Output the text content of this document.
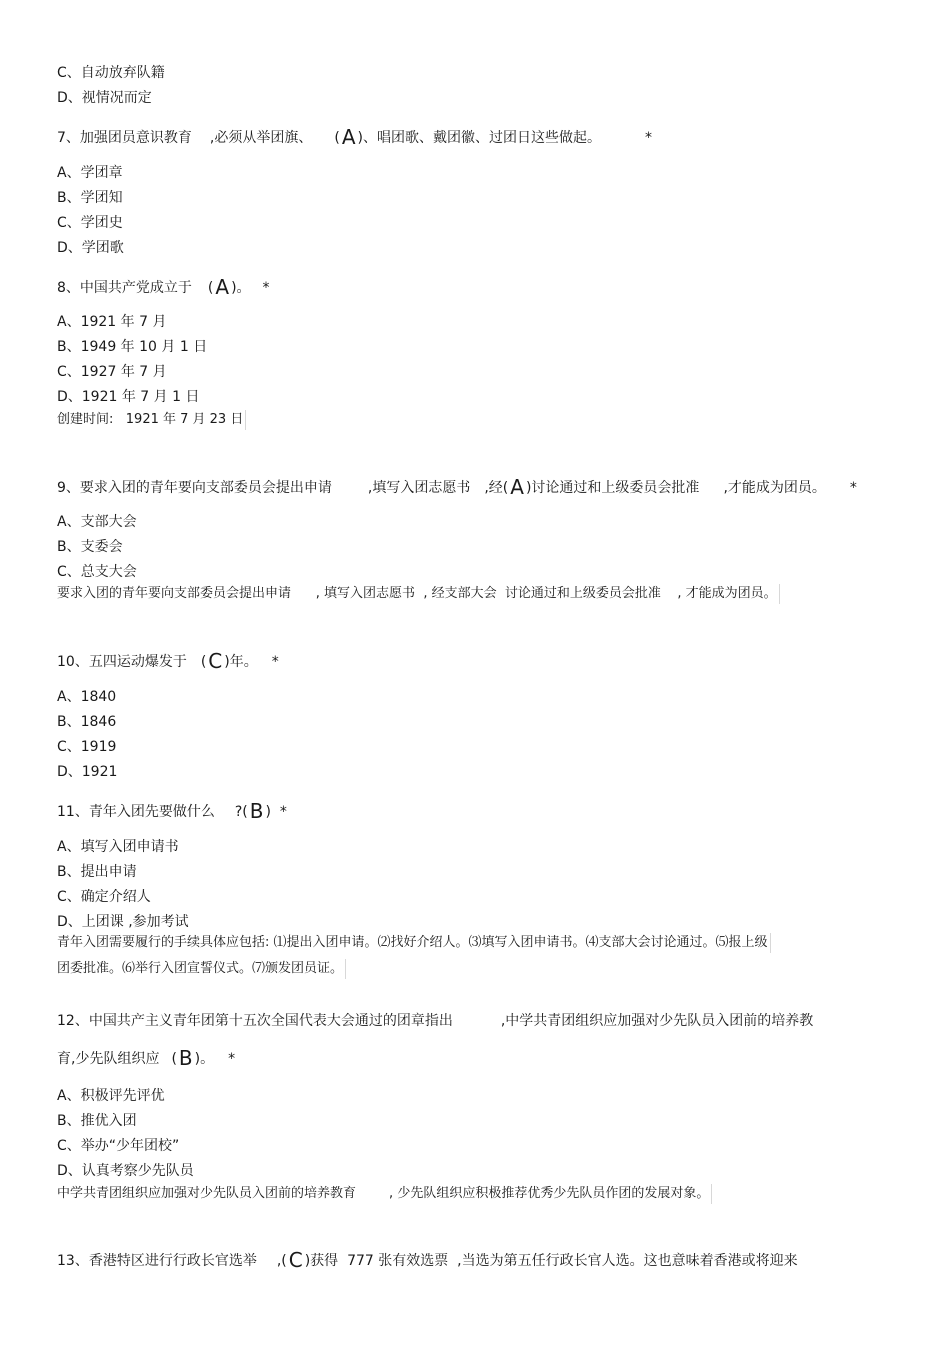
C、自动放弃队籍
D、视情况而定
7、加强团员意识教育 ,必须从举团旗、 ( A )、唱团歌、戴团徽、过团日这些做起。	*
A、学团章
B、学团知
C、学团史
D、学团歌
8、中国共产党成立于 ( A )。 *
A、1921 年 7 月
B、1949 年 10 月 1 日
C、1927 年 7 月
D、1921 年 7 月 1 日
创建时间:   1921 年 7 月 23 日
9、要求入团的青年要向支部委员会提出申请	,填写入团志愿书 ,经( A )讨论通过和上级委员会批准 ,才能成为团员。 *
A、支部大会
B、支委会
C、总支大会
要求入团的青年要向支部委员会提出申请      , 填写入团志愿书  , 经支部大会  讨论通过和上级委员会批准    , 才能成为团员。
10、五四运动爆发于 ( C )年。 *
A、1840
B、1846
C、1919
D、1921
11、青年入团先要做什么 ?( B )  *
A、填写入团申请书
B、提出申请
C、确定介绍人
D、上团课 ,参加考试
青年入团需要履行的手续具体应包括: ⑴提出入团申请。⑵找好介绍人。⑶填写入团申请书。⑷支部大会讨论通过。⑸报上级
团委批准。⑹举行入团宣誓仪式。⑺颁发团员证。
12、中国共产主义青年团第十五次全国代表大会通过的团章指出	,中学共青团组织应加强对少先队员入团前的培养教
育,少先队组织应 ( B )。 *
A、积极评先评优
B、推优入团
C、举办“少年团校”
D、认真考察少先队员
中学共青团组织应加强对少先队员入团前的培养教育        , 少先队组织应积极推荐优秀少先队员作团的发展对象。
13、香港特区进行行政长官选举 ,( C )获得  777 张有效选票  ,当选为第五任行政长官人选。这也意味着香港或将迎来
